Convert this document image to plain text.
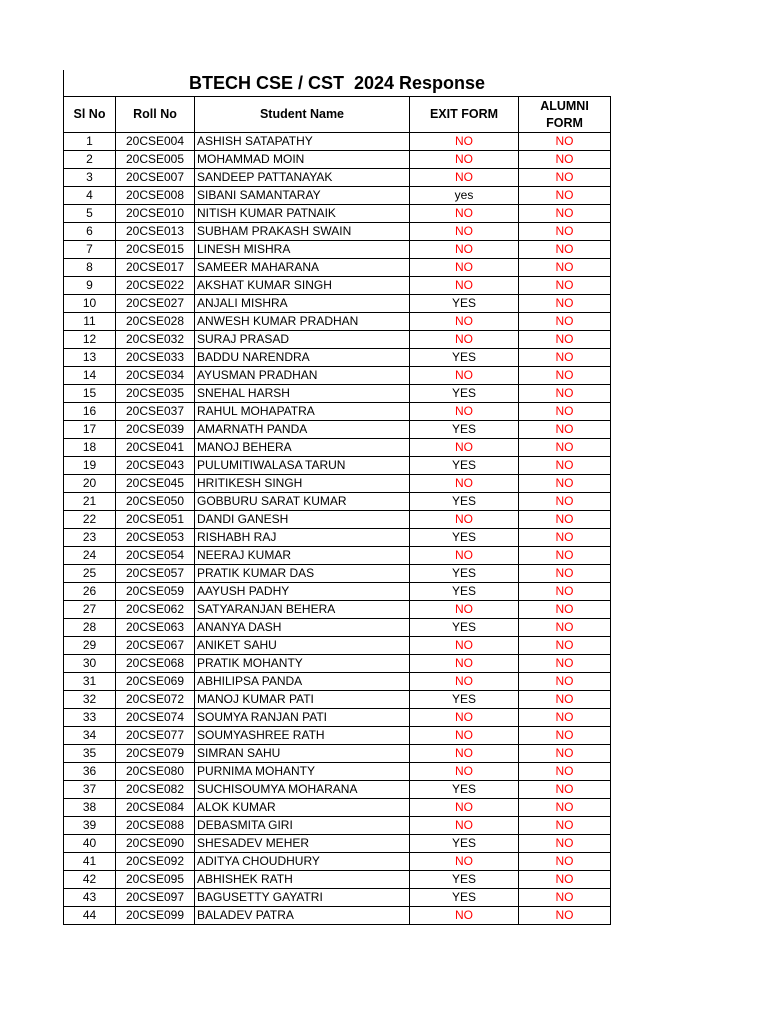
BTECH CSE / CST  2024 Response
Sl No	Roll No	Student Name	EXIT FORM	ALUMNI
FORM
1	20CSE004	ASHISH SATAPATHY	NO	NO
2	20CSE005	MOHAMMAD MOIN	NO	NO
3	20CSE007	SANDEEP PATTANAYAK	NO	NO
4	20CSE008	SIBANI SAMANTARAY	yes	NO
5	20CSE010	NITISH KUMAR PATNAIK	NO	NO
6	20CSE013	SUBHAM PRAKASH SWAIN	NO	NO
7	20CSE015	LINESH MISHRA	NO	NO
8	20CSE017	SAMEER MAHARANA	NO	NO
9	20CSE022	AKSHAT KUMAR SINGH	NO	NO
10	20CSE027	ANJALI MISHRA	YES	NO
11	20CSE028	ANWESH KUMAR PRADHAN	NO	NO
12	20CSE032	SURAJ PRASAD	NO	NO
13	20CSE033	BADDU NARENDRA	YES	NO
14	20CSE034	AYUSMAN PRADHAN	NO	NO
15	20CSE035	SNEHAL HARSH	YES	NO
16	20CSE037	RAHUL MOHAPATRA	NO	NO
17	20CSE039	AMARNATH PANDA	YES	NO
18	20CSE041	MANOJ BEHERA	NO	NO
19	20CSE043	PULUMITIWALASA TARUN	YES	NO
20	20CSE045	HRITIKESH SINGH	NO	NO
21	20CSE050	GOBBURU SARAT KUMAR	YES	NO
22	20CSE051	DANDI GANESH	NO	NO
23	20CSE053	RISHABH RAJ	YES	NO
24	20CSE054	NEERAJ KUMAR	NO	NO
25	20CSE057	PRATIK KUMAR DAS	YES	NO
26	20CSE059	AAYUSH PADHY	YES	NO
27	20CSE062	SATYARANJAN BEHERA	NO	NO
28	20CSE063	ANANYA DASH	YES	NO
29	20CSE067	ANIKET SAHU	NO	NO
30	20CSE068	PRATIK MOHANTY	NO	NO
31	20CSE069	ABHILIPSA PANDA	NO	NO
32	20CSE072	MANOJ KUMAR PATI	YES	NO
33	20CSE074	SOUMYA RANJAN PATI	NO	NO
34	20CSE077	SOUMYASHREE RATH	NO	NO
35	20CSE079	SIMRAN SAHU	NO	NO
36	20CSE080	PURNIMA MOHANTY	NO	NO
37	20CSE082	SUCHISOUMYA MOHARANA	YES	NO
38	20CSE084	ALOK KUMAR	NO	NO
39	20CSE088	DEBASMITA GIRI	NO	NO
40	20CSE090	SHESADEV MEHER	YES	NO
41	20CSE092	ADITYA CHOUDHURY	NO	NO
42	20CSE095	ABHISHEK RATH	YES	NO
43	20CSE097	BAGUSETTY GAYATRI	YES	NO
44	20CSE099	BALADEV PATRA	NO	NO
